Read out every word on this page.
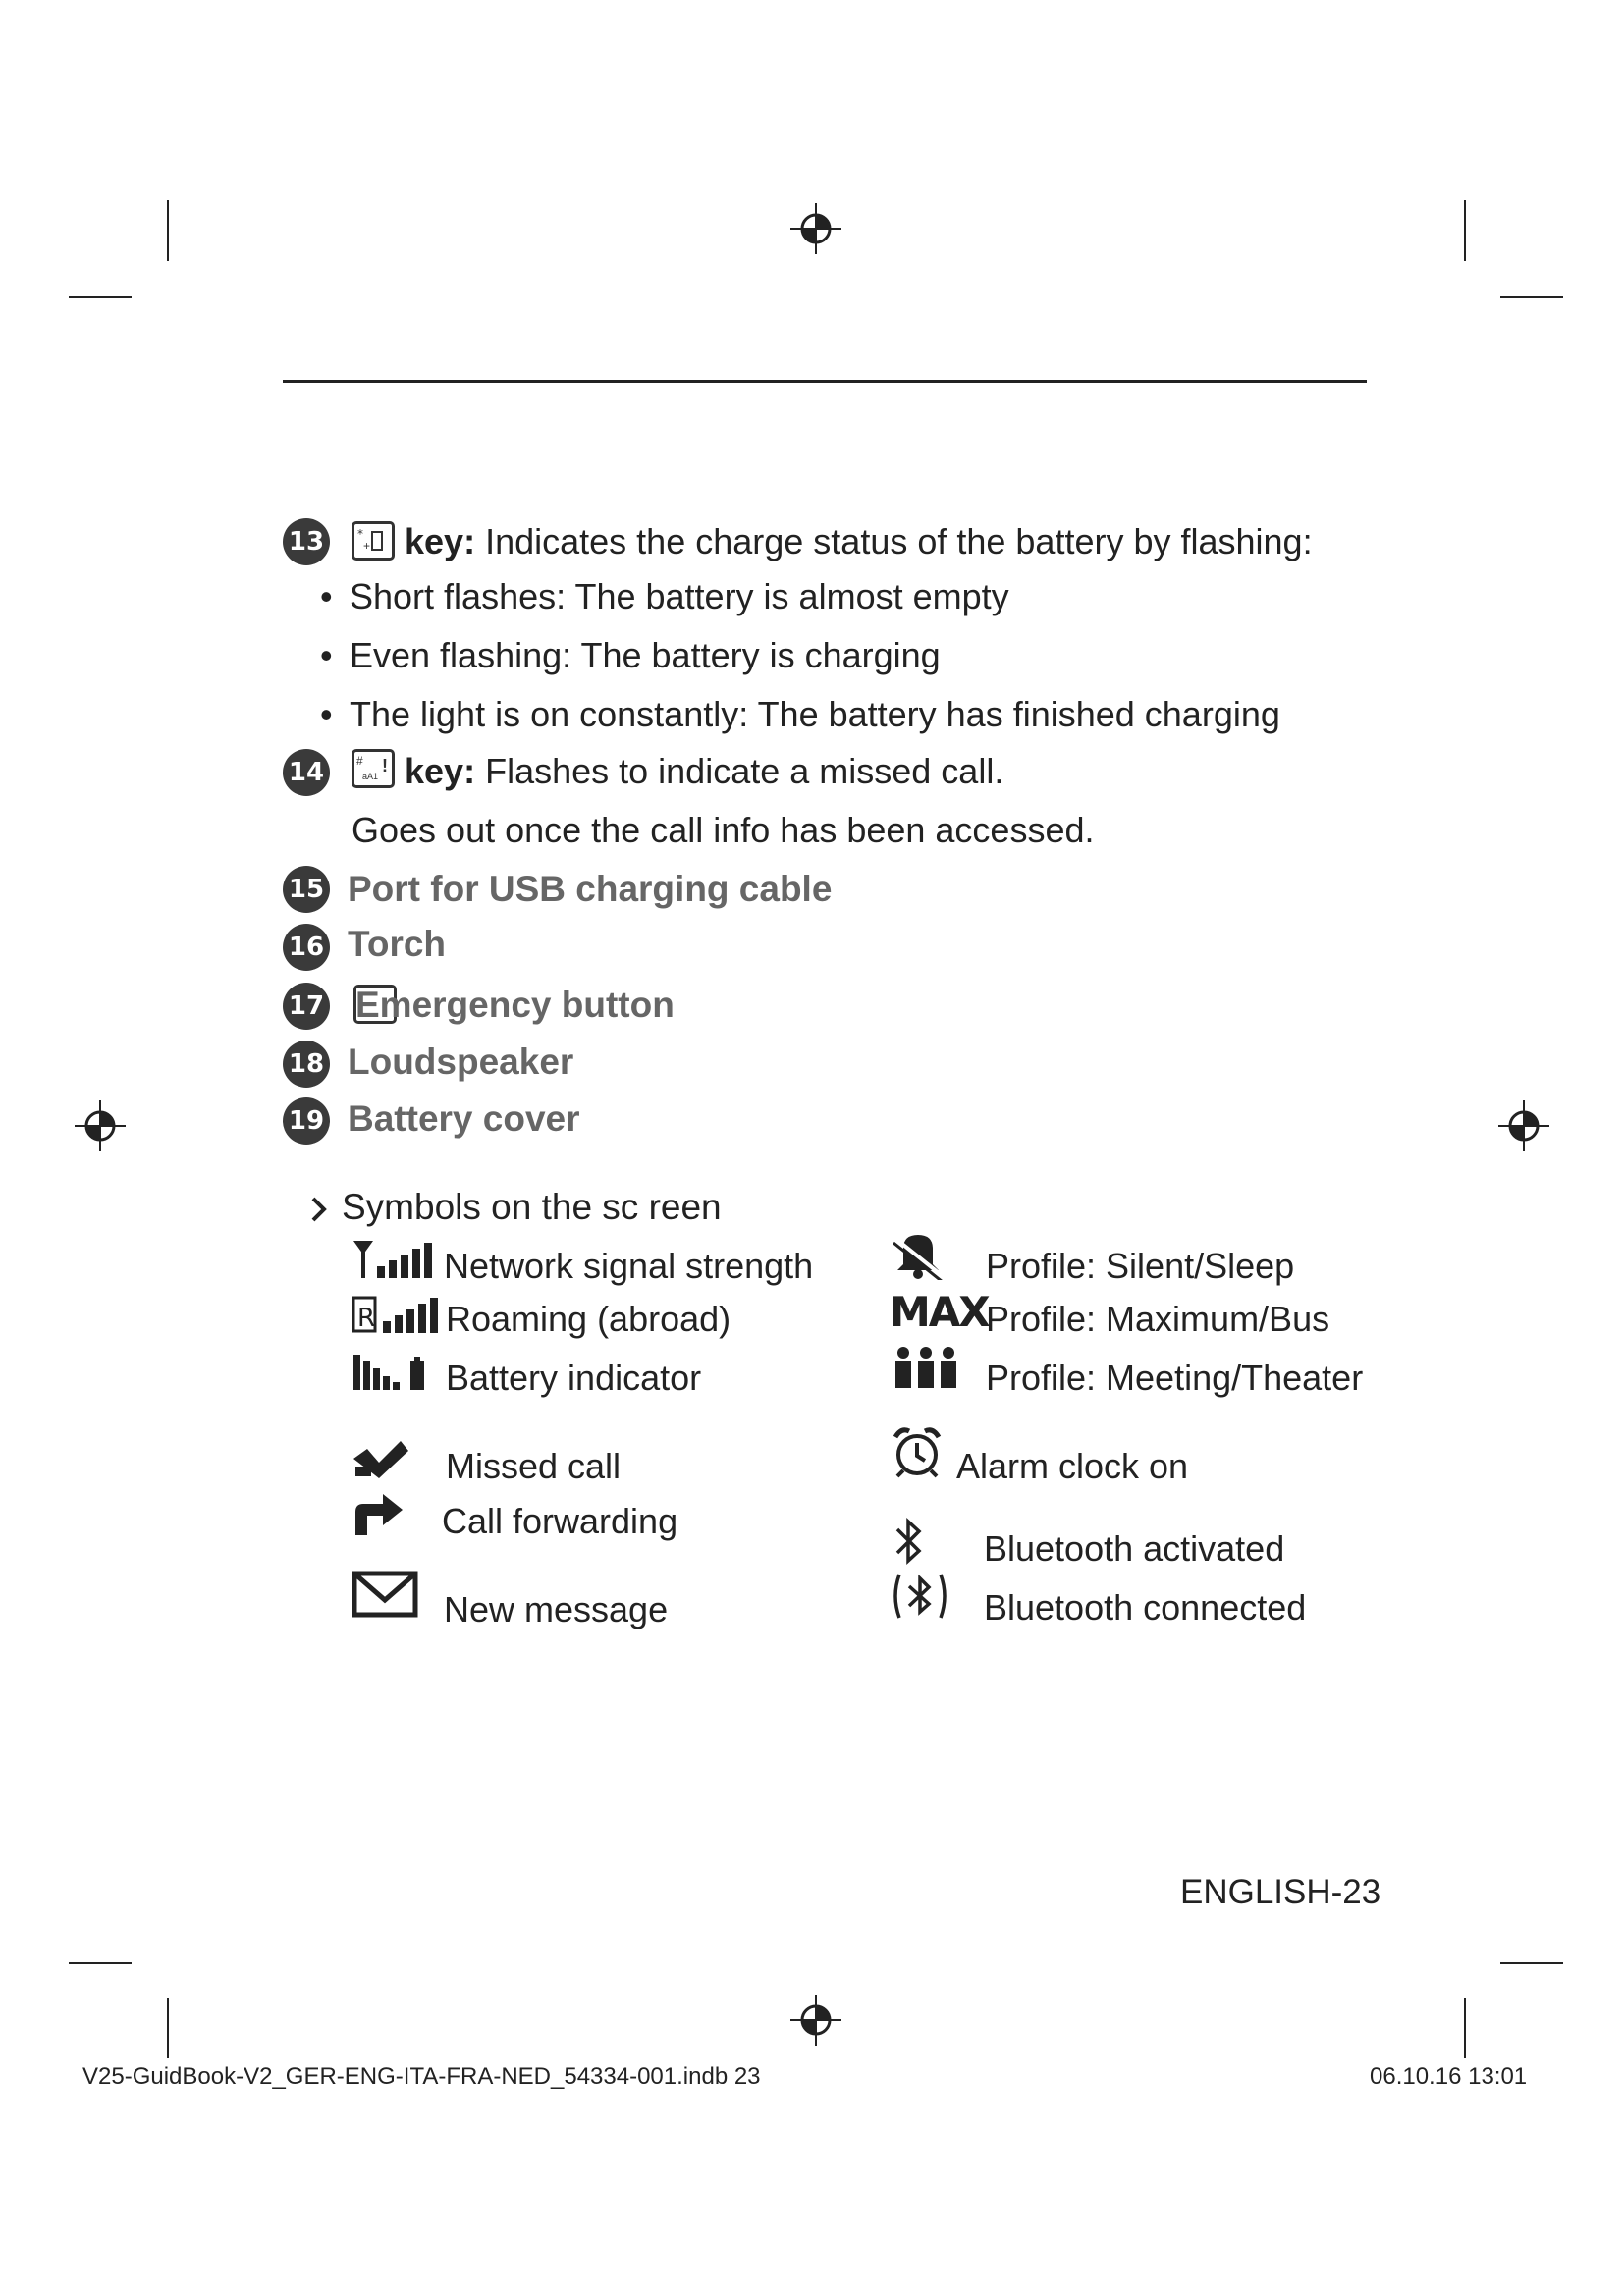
13	*
+ key: Indicates the charge status of the battery by flashing:
• Short flashes: The battery is almost empty
• Even flashing: The battery is charging
• The light is on constantly: The battery has finished charging
14	#
aA1
! key: Flashes to indicate a missed call.
Goes out once the call info has been accessed.
15 Port for USB charging cable
16 Torch
17 Emergency button
18 Loudspeaker
19 Battery cover
Symbols on the sc reen
Network signal strength
R Roaming (abroad)
Battery indicator
Missed call
Call forwarding
New message
Profile: Silent/Sleep
MAX
Profile: Maximum/Bus
Profile: Meeting/Theater
Alarm clock on
Bluetooth activated
Bluetooth connected
ENGLISH-23
V25-GuidBook-V2_GER-ENG-ITA-FRA-NED_54334-001.indb 23	06.10.16 13:01
